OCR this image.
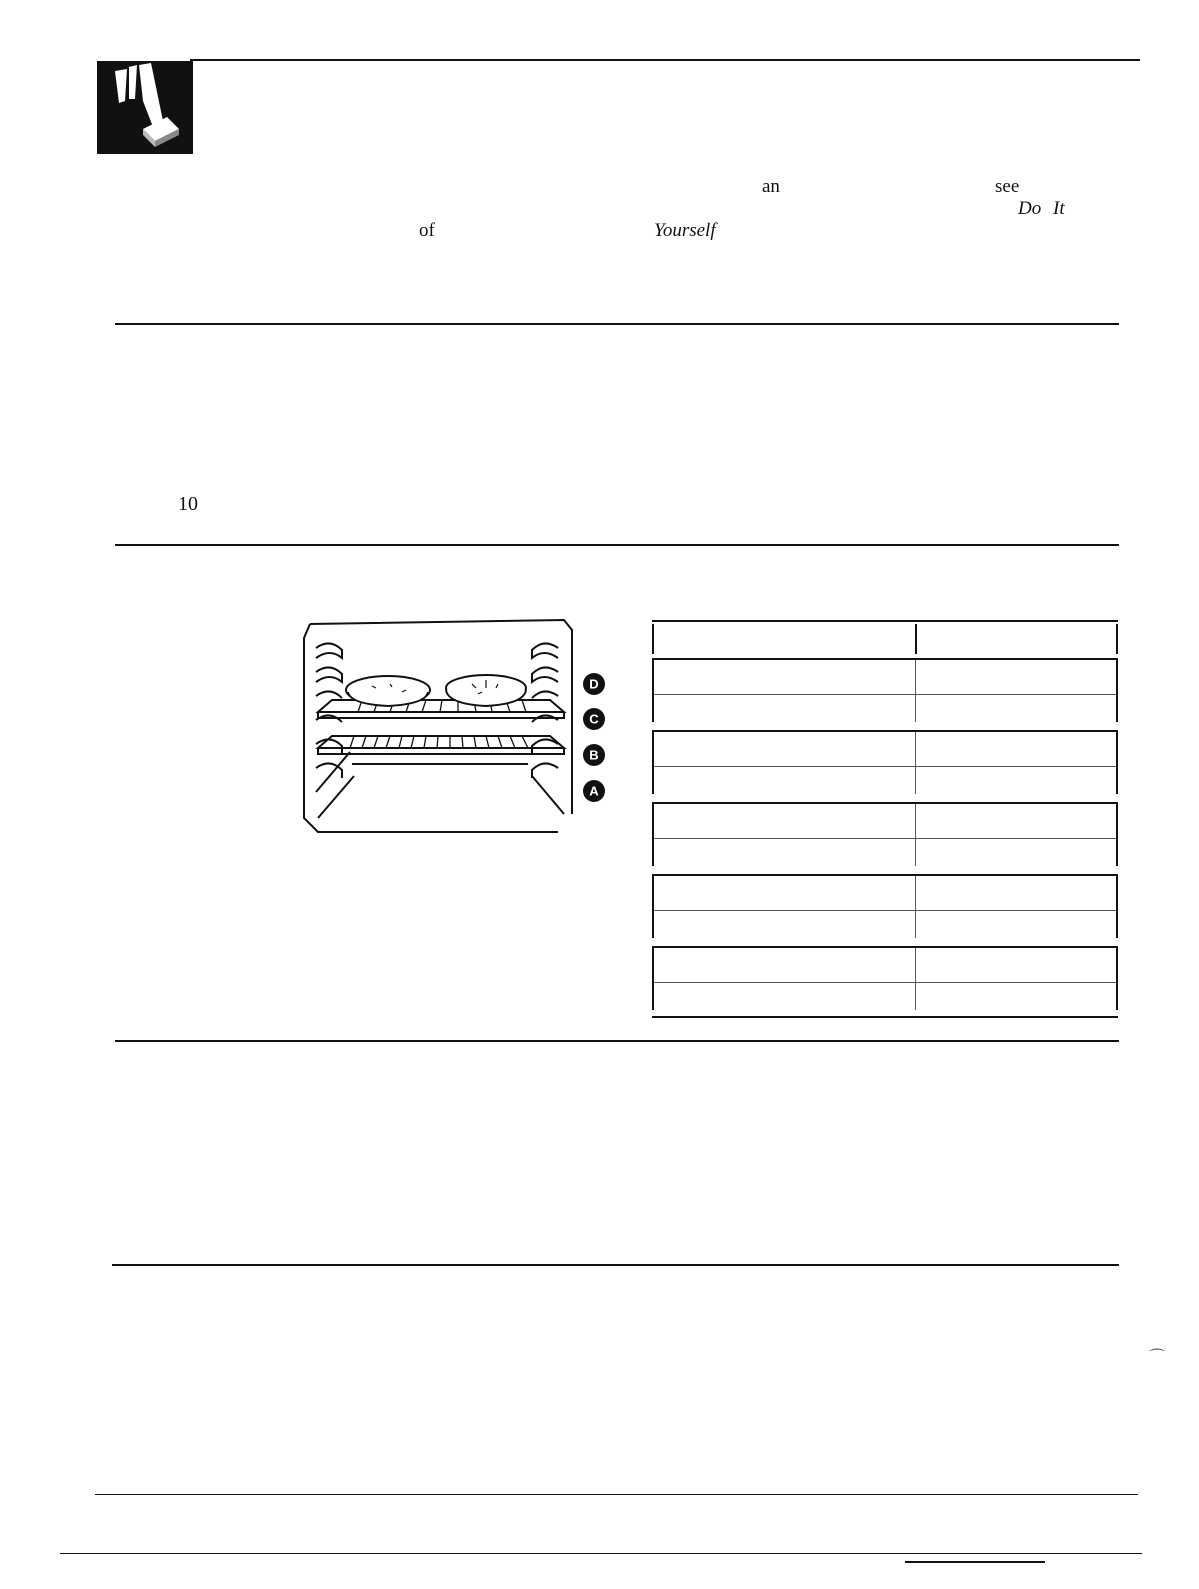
an	see
Do It
of	Yourself
10
D
C
B
A
⌒
